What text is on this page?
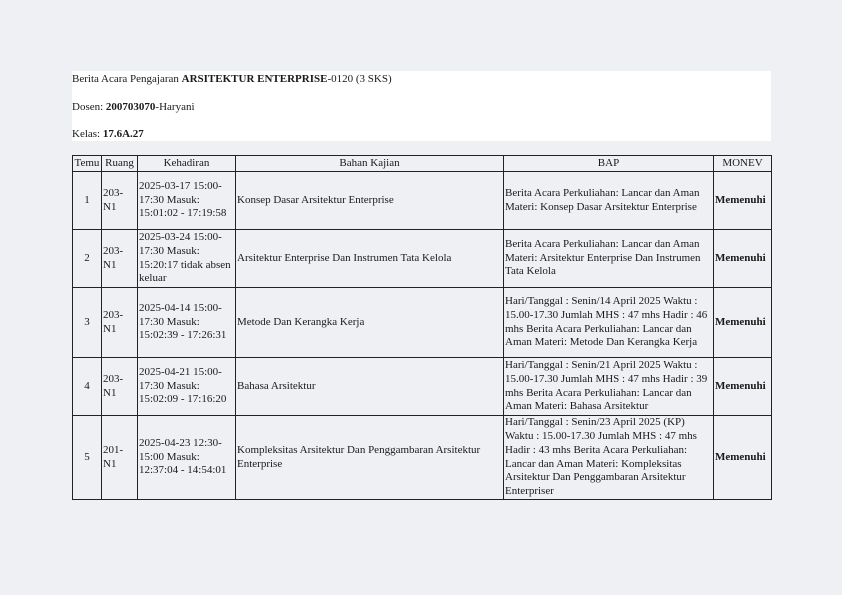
Berita Acara Pengajaran ARSITEKTUR ENTERPRISE-0120 (3 SKS)
Dosen: 200703070-Haryani
Kelas: 17.6A.27
Temu	Ruang	Kehadiran	Bahan Kajian	BAP	MONEV
1	203-N1	2025-03-17 15:00-17:30 Masuk: 15:01:02 - 17:19:58	Konsep Dasar Arsitektur Enterprise	Berita Acara Perkuliahan: Lancar dan Aman Materi: Konsep Dasar Arsitektur Enterprise	Memenuhi
2	203-N1	2025-03-24 15:00-17:30 Masuk: 15:20:17 tidak absen keluar	Arsitektur Enterprise Dan Instrumen Tata Kelola	Berita Acara Perkuliahan: Lancar dan Aman Materi: Arsitektur Enterprise Dan Instrumen Tata Kelola	Memenuhi
3	203-N1	2025-04-14 15:00-17:30 Masuk: 15:02:39 - 17:26:31	Metode Dan Kerangka Kerja	Hari/Tanggal : Senin/14 April 2025 Waktu : 15.00-17.30 Jumlah MHS : 47 mhs Hadir : 46 mhs Berita Acara Perkuliahan: Lancar dan Aman Materi: Metode Dan Kerangka Kerja	Memenuhi
4	203-N1	2025-04-21 15:00-17:30 Masuk: 15:02:09 - 17:16:20	Bahasa Arsitektur	Hari/Tanggal : Senin/21 April 2025 Waktu : 15.00-17.30 Jumlah MHS : 47 mhs Hadir : 39 mhs Berita Acara Perkuliahan: Lancar dan Aman Materi: Bahasa Arsitektur	Memenuhi
5	201-N1	2025-04-23 12:30-15:00 Masuk: 12:37:04 - 14:54:01	Kompleksitas Arsitektur Dan Penggambaran Arsitektur Enterprise	Hari/Tanggal : Senin/23 April 2025 (KP) Waktu : 15.00-17.30 Jumlah MHS : 47 mhs Hadir : 43 mhs Berita Acara Perkuliahan: Lancar dan Aman Materi: Kompleksitas Arsitektur Dan Penggambaran Arsitektur Enterpriser	Memenuhi
